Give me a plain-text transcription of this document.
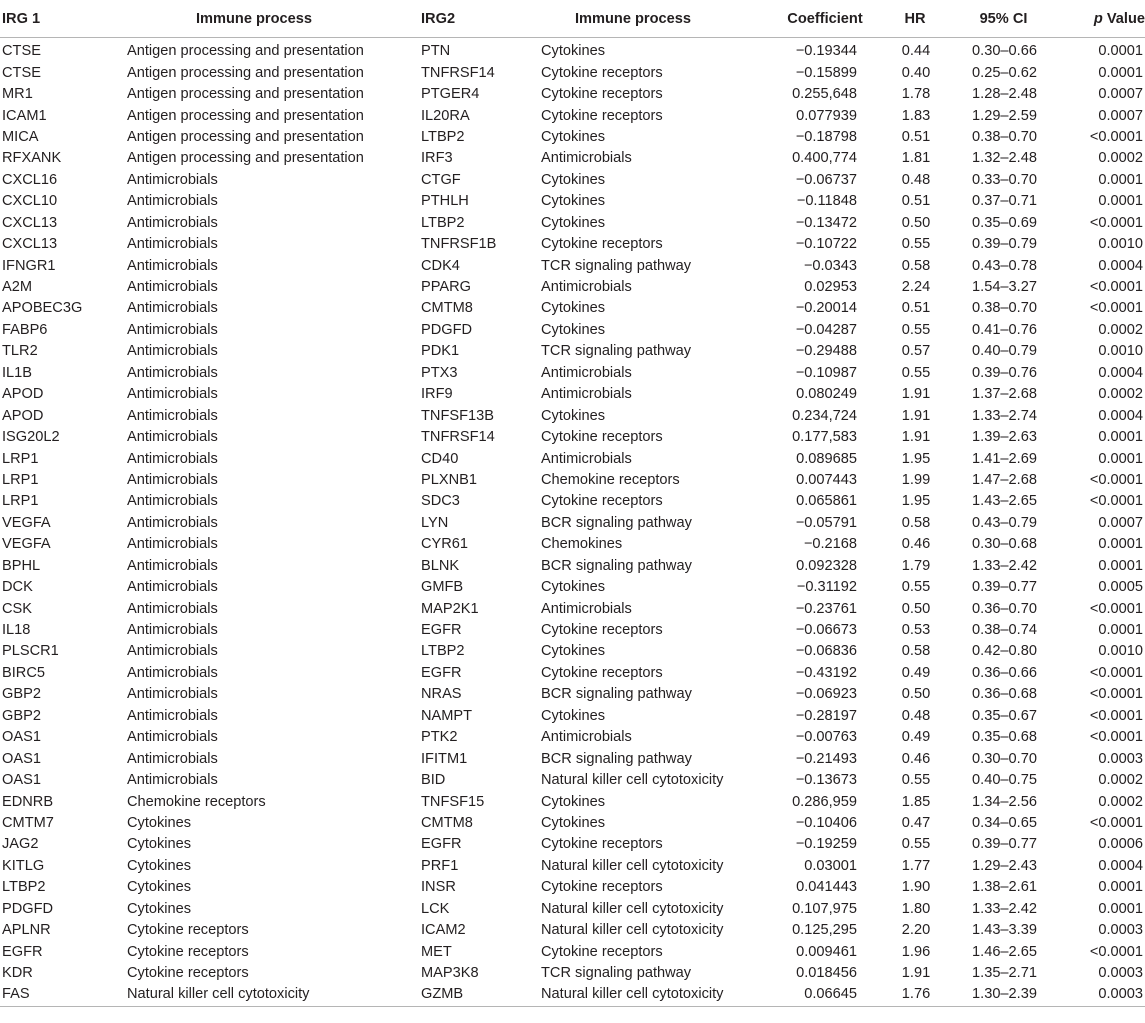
IRG 1	Immune process	IRG2	Immune process	Coefficient	HR	95% CI	p Value
CTSE	Antigen processing and presentation	PTN	Cytokines	−0.19344	0.44	0.30–0.66	0.0001
CTSE	Antigen processing and presentation	TNFRSF14	Cytokine receptors	−0.15899	0.40	0.25–0.62	0.0001
MR1	Antigen processing and presentation	PTGER4	Cytokine receptors	0.255,648	1.78	1.28–2.48	0.0007
ICAM1	Antigen processing and presentation	IL20RA	Cytokine receptors	0.077939	1.83	1.29–2.59	0.0007
MICA	Antigen processing and presentation	LTBP2	Cytokines	−0.18798	0.51	0.38–0.70	<0.0001
RFXANK	Antigen processing and presentation	IRF3	Antimicrobials	0.400,774	1.81	1.32–2.48	0.0002
CXCL16	Antimicrobials	CTGF	Cytokines	−0.06737	0.48	0.33–0.70	0.0001
CXCL10	Antimicrobials	PTHLH	Cytokines	−0.11848	0.51	0.37–0.71	0.0001
CXCL13	Antimicrobials	LTBP2	Cytokines	−0.13472	0.50	0.35–0.69	<0.0001
CXCL13	Antimicrobials	TNFRSF1B	Cytokine receptors	−0.10722	0.55	0.39–0.79	0.0010
IFNGR1	Antimicrobials	CDK4	TCR signaling pathway	−0.0343	0.58	0.43–0.78	0.0004
A2M	Antimicrobials	PPARG	Antimicrobials	0.02953	2.24	1.54–3.27	<0.0001
APOBEC3G	Antimicrobials	CMTM8	Cytokines	−0.20014	0.51	0.38–0.70	<0.0001
FABP6	Antimicrobials	PDGFD	Cytokines	−0.04287	0.55	0.41–0.76	0.0002
TLR2	Antimicrobials	PDK1	TCR signaling pathway	−0.29488	0.57	0.40–0.79	0.0010
IL1B	Antimicrobials	PTX3	Antimicrobials	−0.10987	0.55	0.39–0.76	0.0004
APOD	Antimicrobials	IRF9	Antimicrobials	0.080249	1.91	1.37–2.68	0.0002
APOD	Antimicrobials	TNFSF13B	Cytokines	0.234,724	1.91	1.33–2.74	0.0004
ISG20L2	Antimicrobials	TNFRSF14	Cytokine receptors	0.177,583	1.91	1.39–2.63	0.0001
LRP1	Antimicrobials	CD40	Antimicrobials	0.089685	1.95	1.41–2.69	0.0001
LRP1	Antimicrobials	PLXNB1	Chemokine receptors	0.007443	1.99	1.47–2.68	<0.0001
LRP1	Antimicrobials	SDC3	Cytokine receptors	0.065861	1.95	1.43–2.65	<0.0001
VEGFA	Antimicrobials	LYN	BCR signaling pathway	−0.05791	0.58	0.43–0.79	0.0007
VEGFA	Antimicrobials	CYR61	Chemokines	−0.2168	0.46	0.30–0.68	0.0001
BPHL	Antimicrobials	BLNK	BCR signaling pathway	0.092328	1.79	1.33–2.42	0.0001
DCK	Antimicrobials	GMFB	Cytokines	−0.31192	0.55	0.39–0.77	0.0005
CSK	Antimicrobials	MAP2K1	Antimicrobials	−0.23761	0.50	0.36–0.70	<0.0001
IL18	Antimicrobials	EGFR	Cytokine receptors	−0.06673	0.53	0.38–0.74	0.0001
PLSCR1	Antimicrobials	LTBP2	Cytokines	−0.06836	0.58	0.42–0.80	0.0010
BIRC5	Antimicrobials	EGFR	Cytokine receptors	−0.43192	0.49	0.36–0.66	<0.0001
GBP2	Antimicrobials	NRAS	BCR signaling pathway	−0.06923	0.50	0.36–0.68	<0.0001
GBP2	Antimicrobials	NAMPT	Cytokines	−0.28197	0.48	0.35–0.67	<0.0001
OAS1	Antimicrobials	PTK2	Antimicrobials	−0.00763	0.49	0.35–0.68	<0.0001
OAS1	Antimicrobials	IFITM1	BCR signaling pathway	−0.21493	0.46	0.30–0.70	0.0003
OAS1	Antimicrobials	BID	Natural killer cell cytotoxicity	−0.13673	0.55	0.40–0.75	0.0002
EDNRB	Chemokine receptors	TNFSF15	Cytokines	0.286,959	1.85	1.34–2.56	0.0002
CMTM7	Cytokines	CMTM8	Cytokines	−0.10406	0.47	0.34–0.65	<0.0001
JAG2	Cytokines	EGFR	Cytokine receptors	−0.19259	0.55	0.39–0.77	0.0006
KITLG	Cytokines	PRF1	Natural killer cell cytotoxicity	0.03001	1.77	1.29–2.43	0.0004
LTBP2	Cytokines	INSR	Cytokine receptors	0.041443	1.90	1.38–2.61	0.0001
PDGFD	Cytokines	LCK	Natural killer cell cytotoxicity	0.107,975	1.80	1.33–2.42	0.0001
APLNR	Cytokine receptors	ICAM2	Natural killer cell cytotoxicity	0.125,295	2.20	1.43–3.39	0.0003
EGFR	Cytokine receptors	MET	Cytokine receptors	0.009461	1.96	1.46–2.65	<0.0001
KDR	Cytokine receptors	MAP3K8	TCR signaling pathway	0.018456	1.91	1.35–2.71	0.0003
FAS	Natural killer cell cytotoxicity	GZMB	Natural killer cell cytotoxicity	0.06645	1.76	1.30–2.39	0.0003
